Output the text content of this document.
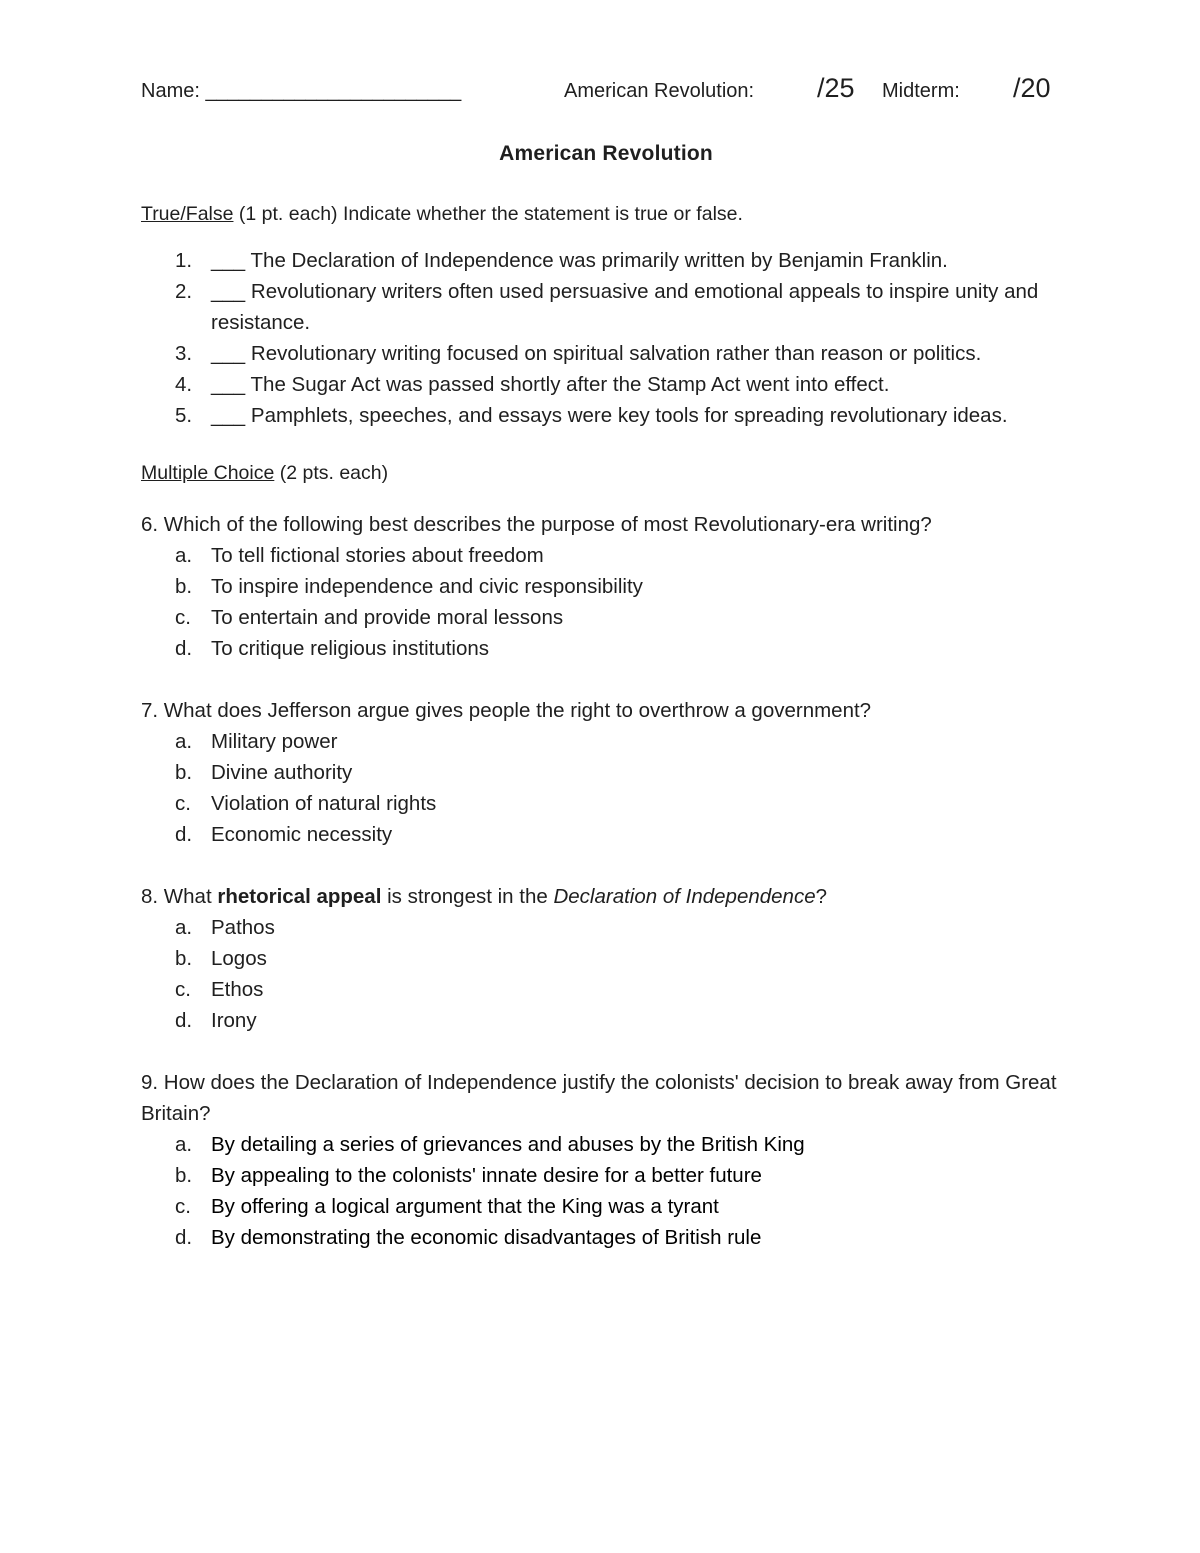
Name: _______________________	American Revolution: /25 Midterm: /20
American Revolution
True/False (1 pt. each) Indicate whether the statement is true or false.
1. ___ The Declaration of Independence was primarily written by Benjamin Franklin.
2. ___ Revolutionary writers often used persuasive and emotional appeals to inspire unity and resistance.
3. ___ Revolutionary writing focused on spiritual salvation rather than reason or politics.
4. ___ The Sugar Act was passed shortly after the Stamp Act went into effect.
5. ___ Pamphlets, speeches, and essays were key tools for spreading revolutionary ideas.
Multiple Choice (2 pts. each)

6. Which of the following best describes the purpose of most Revolutionary-era writing?

a. To tell fictional stories about freedom
b. To inspire independence and civic responsibility
c. To entertain and provide moral lessons
d. To critique religious institutions

7. What does Jefferson argue gives people the right to overthrow a government?

a. Military power
b. Divine authority
c. Violation of natural rights
d. Economic necessity

8. What rhetorical appeal is strongest in the Declaration of Independence?

a. Pathos
b. Logos
c. Ethos
d. Irony

9. How does the Declaration of Independence justify the colonists' decision to break away from Great Britain?

a. By detailing a series of grievances and abuses by the British King
b. By appealing to the colonists' innate desire for a better future
c. By offering a logical argument that the King was a tyrant
d. By demonstrating the economic disadvantages of British rule
